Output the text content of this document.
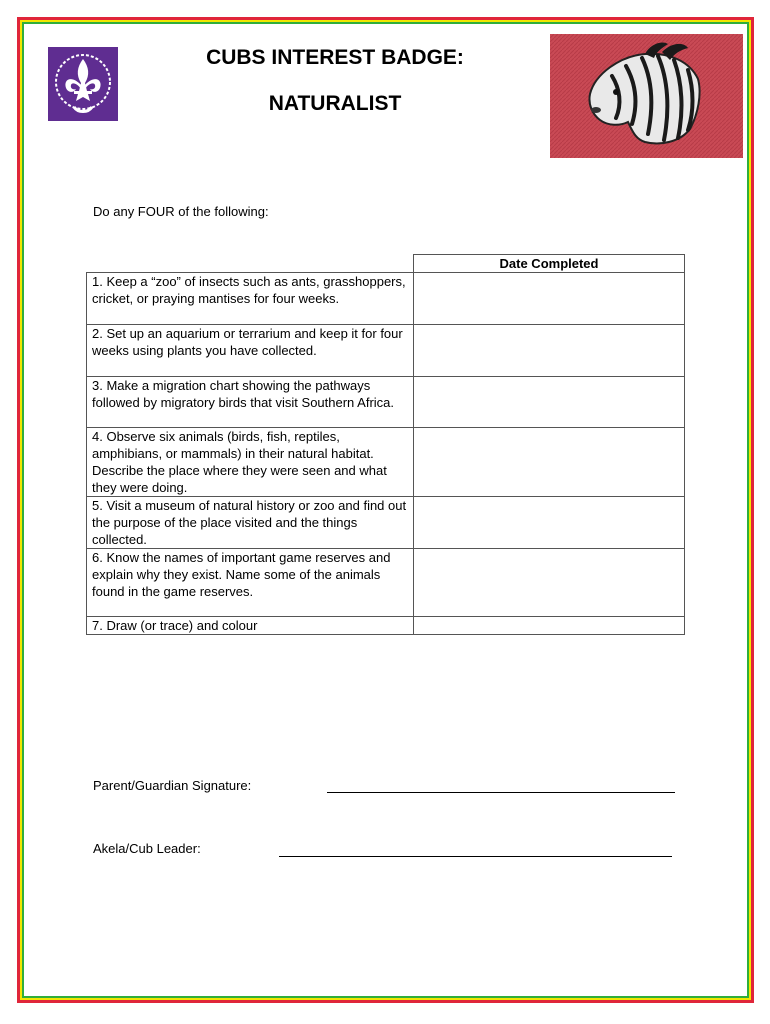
CUBS INTEREST BADGE:
NATURALIST
Do any FOUR of the following:
	Date Completed
1. Keep a “zoo” of insects such as ants, grasshoppers, cricket, or praying mantises for four weeks.	
2. Set up an aquarium or terrarium and keep it for four weeks using plants you have collected.	
3. Make a migration chart showing the pathways followed by migratory birds that visit Southern Africa.	
4. Observe six animals (birds, fish, reptiles, amphibians, or mammals) in their natural habitat. Describe the place where they were seen and what they were doing.	
5. Visit a museum of natural history or zoo and find out the purpose of the place visited and the things collected.	
6. Know the names of important game reserves and explain why they exist. Name some of the animals found in the game reserves.	
7. Draw (or trace) and colour	
Parent/Guardian Signature:
Akela/Cub Leader:
